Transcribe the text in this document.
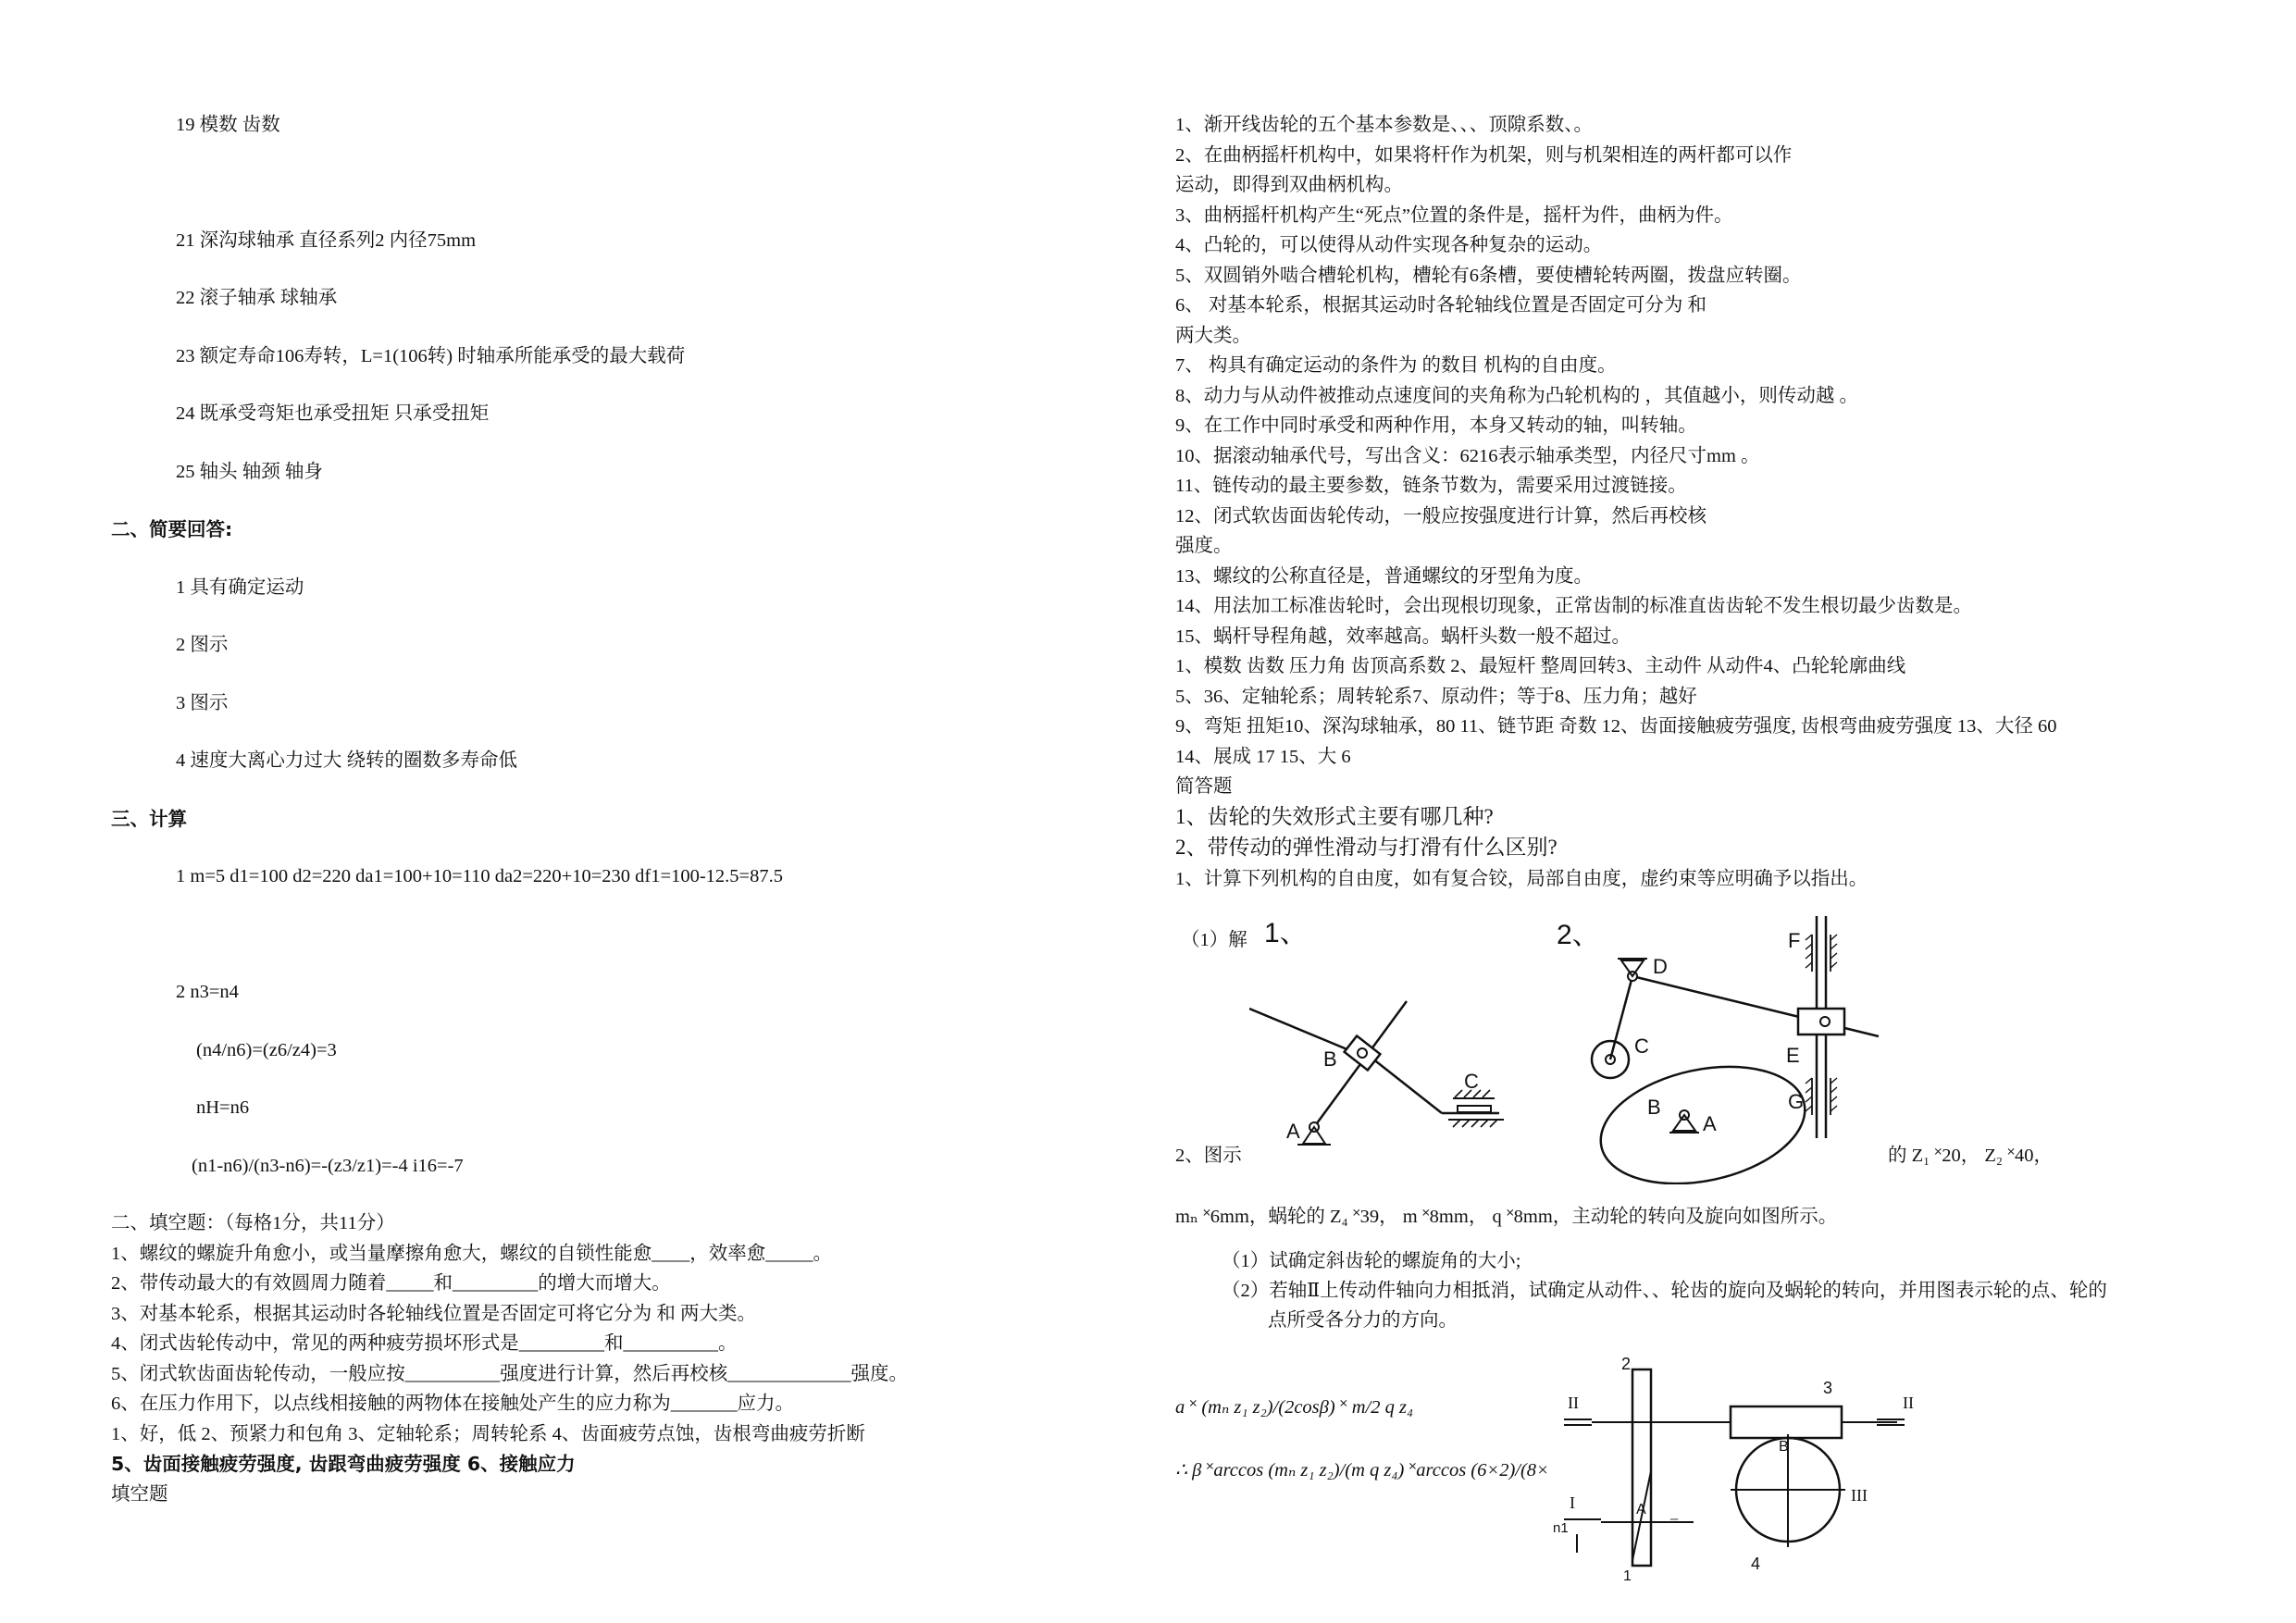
19 模数 齿数
21 深沟球轴承 直径系列2 内径75mm
22 滚子轴承 球轴承
23 额定寿命106寿转，L=1(106转) 时轴承所能承受的最大载荷
24 既承受弯矩也承受扭矩 只承受扭矩
25 轴头 轴颈 轴身
二、简要回答:
1 具有确定运动
2 图示
3 图示
4 速度大离心力过大 绕转的圈数多寿命低
三、计算
1 m=5 d1=100 d2=220 da1=100+10=110 da2=220+10=230 df1=100-12.5=87.5
2 n3=n4
(n4/n6)=(z6/z4)=3
nH=n6
(n1-n6)/(n3-n6)=-(z3/z1)=-4 i16=-7
二、填空题：（每格1分，共11分）
1、螺纹的螺旋升角愈小，或当量摩擦角愈大，螺纹的自锁性能愈____，效率愈_____。
2、带传动最大的有效圆周力随着_____和_________的增大而增大。
3、对基本轮系，根据其运动时各轮轴线位置是否固定可将它分为 和 两大类。
4、闭式齿轮传动中，常见的两种疲劳损坏形式是_________和__________。
5、闭式软齿面齿轮传动，一般应按__________强度进行计算，然后再校核_____________强度。
6、在压力作用下，以点线相接触的两物体在接触处产生的应力称为_______应力。
1、好，低 2、预紧力和包角 3、定轴轮系；周转轮系 4、齿面疲劳点蚀，齿根弯曲疲劳折断
5、齿面接触疲劳强度, 齿跟弯曲疲劳强度 6、接触应力
填空题
1、渐开线齿轮的五个基本参数是、、、顶隙系数、。
2、在曲柄摇杆机构中，如果将杆作为机架，则与机架相连的两杆都可以作
运动，即得到双曲柄机构。
3、曲柄摇杆机构产生“死点”位置的条件是，摇杆为件，曲柄为件。
4、凸轮的，可以使得从动件实现各种复杂的运动。
5、双圆销外啮合槽轮机构，槽轮有6条槽，要使槽轮转两圈，拨盘应转圈。
6、 对基本轮系，根据其运动时各轮轴线位置是否固定可分为 和
两大类。
7、 构具有确定运动的条件为 的数目 机构的自由度。
8、动力与从动件被推动点速度间的夹角称为凸轮机构的 ，其值越小，则传动越 。
9、在工作中同时承受和两种作用，本身又转动的轴，叫转轴。
10、据滚动轴承代号，写出含义：6216表示轴承类型，内径尺寸mm 。
11、链传动的最主要参数，链条节数为，需要采用过渡链接。
12、闭式软齿面齿轮传动，一般应按强度进行计算，然后再校核
强度。
13、螺纹的公称直径是，普通螺纹的牙型角为度。
14、用法加工标准齿轮时，会出现根切现象，正常齿制的标准直齿齿轮不发生根切最少齿数是。
15、蜗杆导程角越，效率越高。蜗杆头数一般不超过。
1、模数 齿数 压力角 齿顶高系数 2、最短杆 整周回转3、主动件 从动件4、凸轮轮廓曲线
5、36、定轴轮系；周转轮系7、原动件；等于8、压力角；越好
9、弯矩 扭矩10、深沟球轴承，80 11、链节距 奇数 12、齿面接触疲劳强度, 齿根弯曲疲劳强度 13、大径 60
14、展成 17 15、大 6
简答题
1、齿轮的失效形式主要有哪几种?
2、带传动的弹性滑动与打滑有什么区别?
1、计算下列机构的自由度，如有复合铰，局部自由度，虚约束等应明确予以指出。
（1）解 1、
A
B
C
2、
D
C
B
A
F
E
G
2、图示	的 Z₁ ˟20， Z₂ ˟40，
mₙ ˟6mm，蜗轮的 Z₄ ˟39， m ˟8mm， q ˟8mm，主动轮的转向及旋向如图所示。
（1）试确定斜齿轮的螺旋角的大小;
（2）若轴Ⅱ上传动件轴向力相抵消，试确定从动件、、轮齿的旋向及蜗轮的转向，并用图表示轮的点、轮的
点所受各分力的方向。
a ˟ (mₙ z₁ z₂)/(2cosβ) ˟ m/2 q z₄
∴ β ˟arccos (mₙ z₁ z₂)/(m q z₄) ˟arccos (6×2)/(8×
2
3
II	II
B
III
I	A
n1
4
1
=
